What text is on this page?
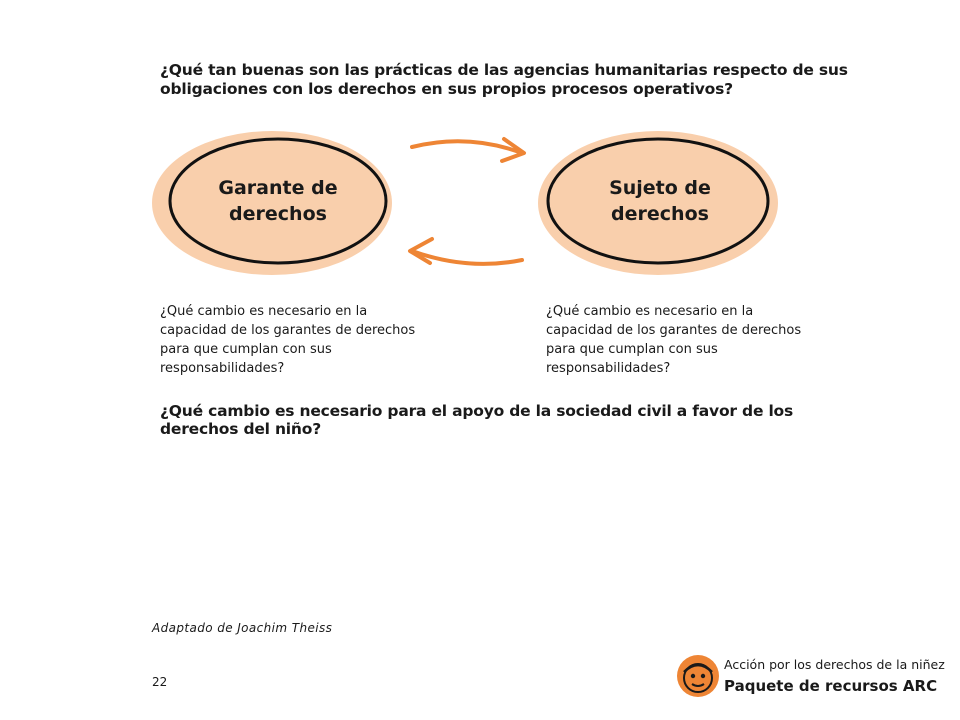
¿Qué tan buenas son las prácticas de las agencias humanitarias respecto de sus obligaciones con los derechos en sus propios procesos operativos?
Garante de
derechos
Sujeto de
derechos
¿Qué cambio es necesario en la capacidad de los garantes de derechos para que cumplan con sus responsabilidades?
¿Qué cambio es necesario en la capacidad de los garantes de derechos para que cumplan con sus responsabilidades?
¿Qué cambio es necesario para el apoyo de la sociedad civil a favor de los derechos del niño?
Adaptado de Joachim Theiss
22
Acción por los derechos de la niñez
Paquete de recursos ARC
